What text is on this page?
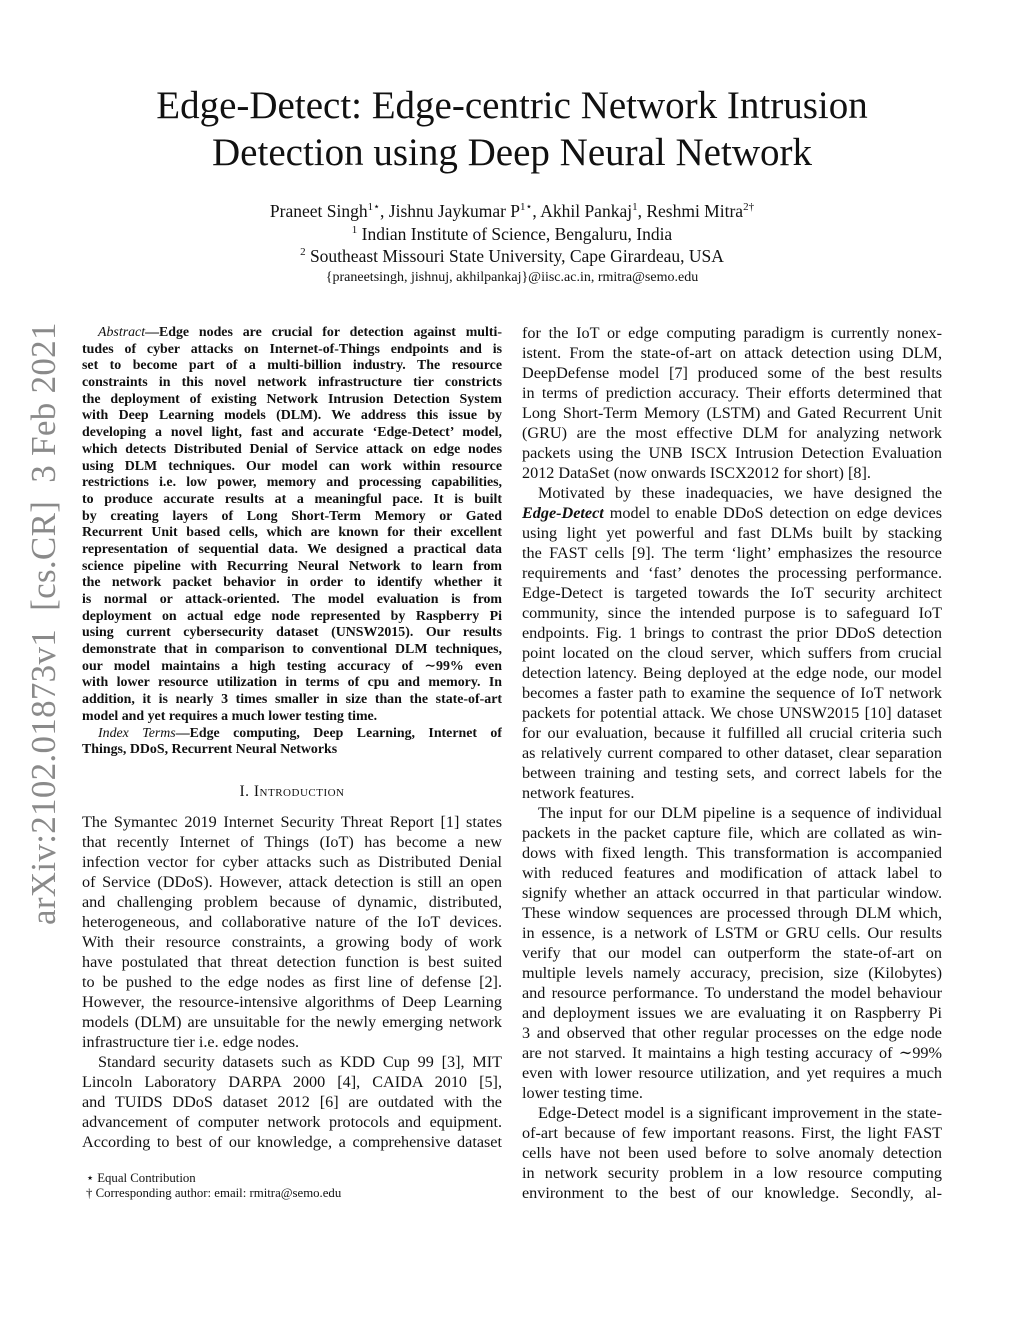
arXiv:2102.01873v1  [cs.CR]  3 Feb 2021
Edge-Detect: Edge-centric Network Intrusion
Detection using Deep Neural Network
Praneet Singh$^{1⋆}$, Jishnu Jaykumar $P^{1⋆}$, Akhil Pankaj$^1$, Reshmi Mitra$^{2\dagger}$
$^1$ Indian Institute of Science, Bengaluru, India
$^2$ Southeast Missouri State University, Cape Girardeau, USA
{praneetsingh, jishnuj, akhilpankaj}@iisc.ac.in, rmitra@semo.edu
Abstract—Edge nodes are crucial for detection against multi-
tudes of cyber attacks on Internet-of-Things endpoints and is
set to become part of a multi-billion industry. The resource
constraints in this novel network infrastructure tier constricts
the deployment of existing Network Intrusion Detection System
with Deep Learning models (DLM). We address this issue by
developing a novel light, fast and accurate ‘Edge-Detect’ model,
which detects Distributed Denial of Service attack on edge nodes
using DLM techniques. Our model can work within resource
restrictions i.e. low power, memory and processing capabilities,
to produce accurate results at a meaningful pace. It is built
by creating layers of Long Short-Term Memory or Gated
Recurrent Unit based cells, which are known for their excellent
representation of sequential data. We designed a practical data
science pipeline with Recurring Neural Network to learn from
the network packet behavior in order to identify whether it
is normal or attack-oriented. The model evaluation is from
deployment on actual edge node represented by Raspberry Pi
using current cybersecurity dataset (UNSW2015). Our results
demonstrate that in comparison to conventional DLM techniques,
our model maintains a high testing accuracy of ∼99% even
with lower resource utilization in terms of cpu and memory. In
addition, it is nearly 3 times smaller in size than the state-of-art
model and yet requires a much lower testing time.
Index Terms—Edge computing, Deep Learning, Internet of
Things, DDoS, Recurrent Neural Networks
I. Introduction
The Symantec 2019 Internet Security Threat Report [1] states
that recently Internet of Things (IoT) has become a new
infection vector for cyber attacks such as Distributed Denial
of Service (DDoS). However, attack detection is still an open
and challenging problem because of dynamic, distributed,
heterogeneous, and collaborative nature of the IoT devices.
With their resource constraints, a growing body of work
have postulated that threat detection function is best suited
to be pushed to the edge nodes as first line of defense [2].
However, the resource-intensive algorithms of Deep Learning
models (DLM) are unsuitable for the newly emerging network
infrastructure tier i.e. edge nodes.
Standard security datasets such as KDD Cup 99 [3], MIT
Lincoln Laboratory DARPA 2000 [4], CAIDA 2010 [5],
and TUIDS DDoS dataset 2012 [6] are outdated with the
advancement of computer network protocols and equipment.
According to best of our knowledge, a comprehensive dataset
for the IoT or edge computing paradigm is currently nonex-
istent. From the state-of-art on attack detection using DLM,
DeepDefense model [7] produced some of the best results
in terms of prediction accuracy. Their efforts determined that
Long Short-Term Memory (LSTM) and Gated Recurrent Unit
(GRU) are the most effective DLM for analyzing network
packets using the UNB ISCX Intrusion Detection Evaluation
2012 DataSet (now onwards ISCX2012 for short) [8].
Motivated by these inadequacies, we have designed the
Edge-Detect model to enable DDoS detection on edge devices
using light yet powerful and fast DLMs built by stacking
the FAST cells [9]. The term ‘light’ emphasizes the resource
requirements and ‘fast’ denotes the processing performance.
Edge-Detect is targeted towards the IoT security architect
community, since the intended purpose is to safeguard IoT
endpoints. Fig. 1 brings to contrast the prior DDoS detection
point located on the cloud server, which suffers from crucial
detection latency. Being deployed at the edge node, our model
becomes a faster path to examine the sequence of IoT network
packets for potential attack. We chose UNSW2015 [10] dataset
for our evaluation, because it fulfilled all crucial criteria such
as relatively current compared to other dataset, clear separation
between training and testing sets, and correct labels for the
network features.
The input for our DLM pipeline is a sequence of individual
packets in the packet capture file, which are collated as win-
dows with fixed length. This transformation is accompanied
with reduced features and modification of attack label to
signify whether an attack occurred in that particular window.
These window sequences are processed through DLM which,
in essence, is a network of LSTM or GRU cells. Our results
verify that our model can outperform the state-of-art on
multiple levels namely accuracy, precision, size (Kilobytes)
and resource performance. To understand the model behaviour
and deployment issues we are evaluating it on Raspberry Pi
3 and observed that other regular processes on the edge node
are not starved. It maintains a high testing accuracy of ∼99%
even with lower resource utilization, and yet requires a much
lower testing time.
Edge-Detect model is a significant improvement in the state-
of-art because of few important reasons. First, the light FAST
cells have not been used before to solve anomaly detection
in network security problem in a low resource computing
environment to the best of our knowledge. Secondly, al-
⋆ Equal Contribution
† Corresponding author: email: rmitra@semo.edu
